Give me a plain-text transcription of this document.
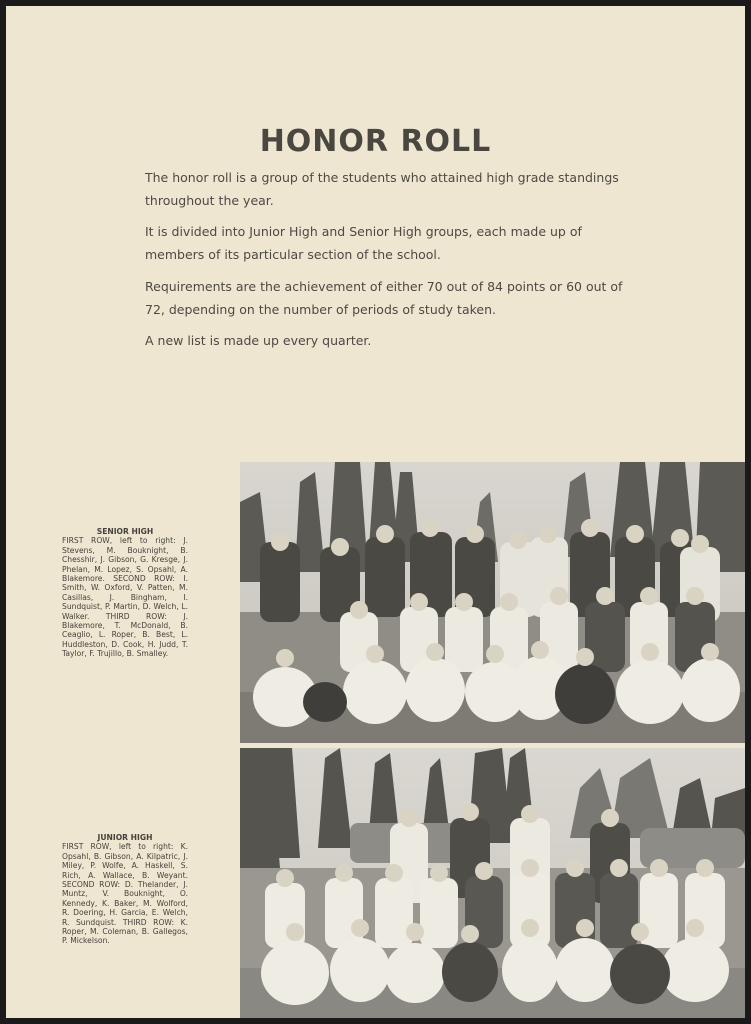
HONOR ROLL

The honor roll is a group of the students who attained high grade standings throughout the year.

It is divided into Junior High and Senior High groups, each made up of members of its particular section of the school.

Requirements are the achievement of either 70 out of 84 points or 60 out of 72, depending on the number of periods of study taken.

A new list is made up every quarter.

SENIOR HIGH
FIRST ROW, left to right: J. Stevens, M. Bouknight, B. Chesshir, J. Gibson, G. Kresge, J. Phelan, M. Lopez, S. Opsahl, A. Blakemore. SECOND ROW: I. Smith, W. Oxford, V. Patten, M. Casillas, J. Bingham, I. Sundquist, P. Martin, D. Welch, L. Walker. THIRD ROW: J. Blakemore, T. McDonald, B. Ceaglio, L. Roper, B. Best, L. Huddleston, D. Cook, H. Judd, T. Taylor, F. Trujillo, B. Smalley.
JUNIOR HIGH
FIRST ROW, left to right: K. Opsahl, B. Gibson, A. Kilpatric, J. Miley, P. Wolfe, A. Haskell, S. Rich, A. Wallace, B. Weyant. SECOND ROW: D. Thelander, J. Muntz, V. Bouknight, O. Kennedy, K. Baker, M. Wolford, R. Doering, H. Garcia, E. Welch, R. Sundquist. THIRD ROW: K. Roper, M. Coleman, B. Gallegos, P. Mickelson.
